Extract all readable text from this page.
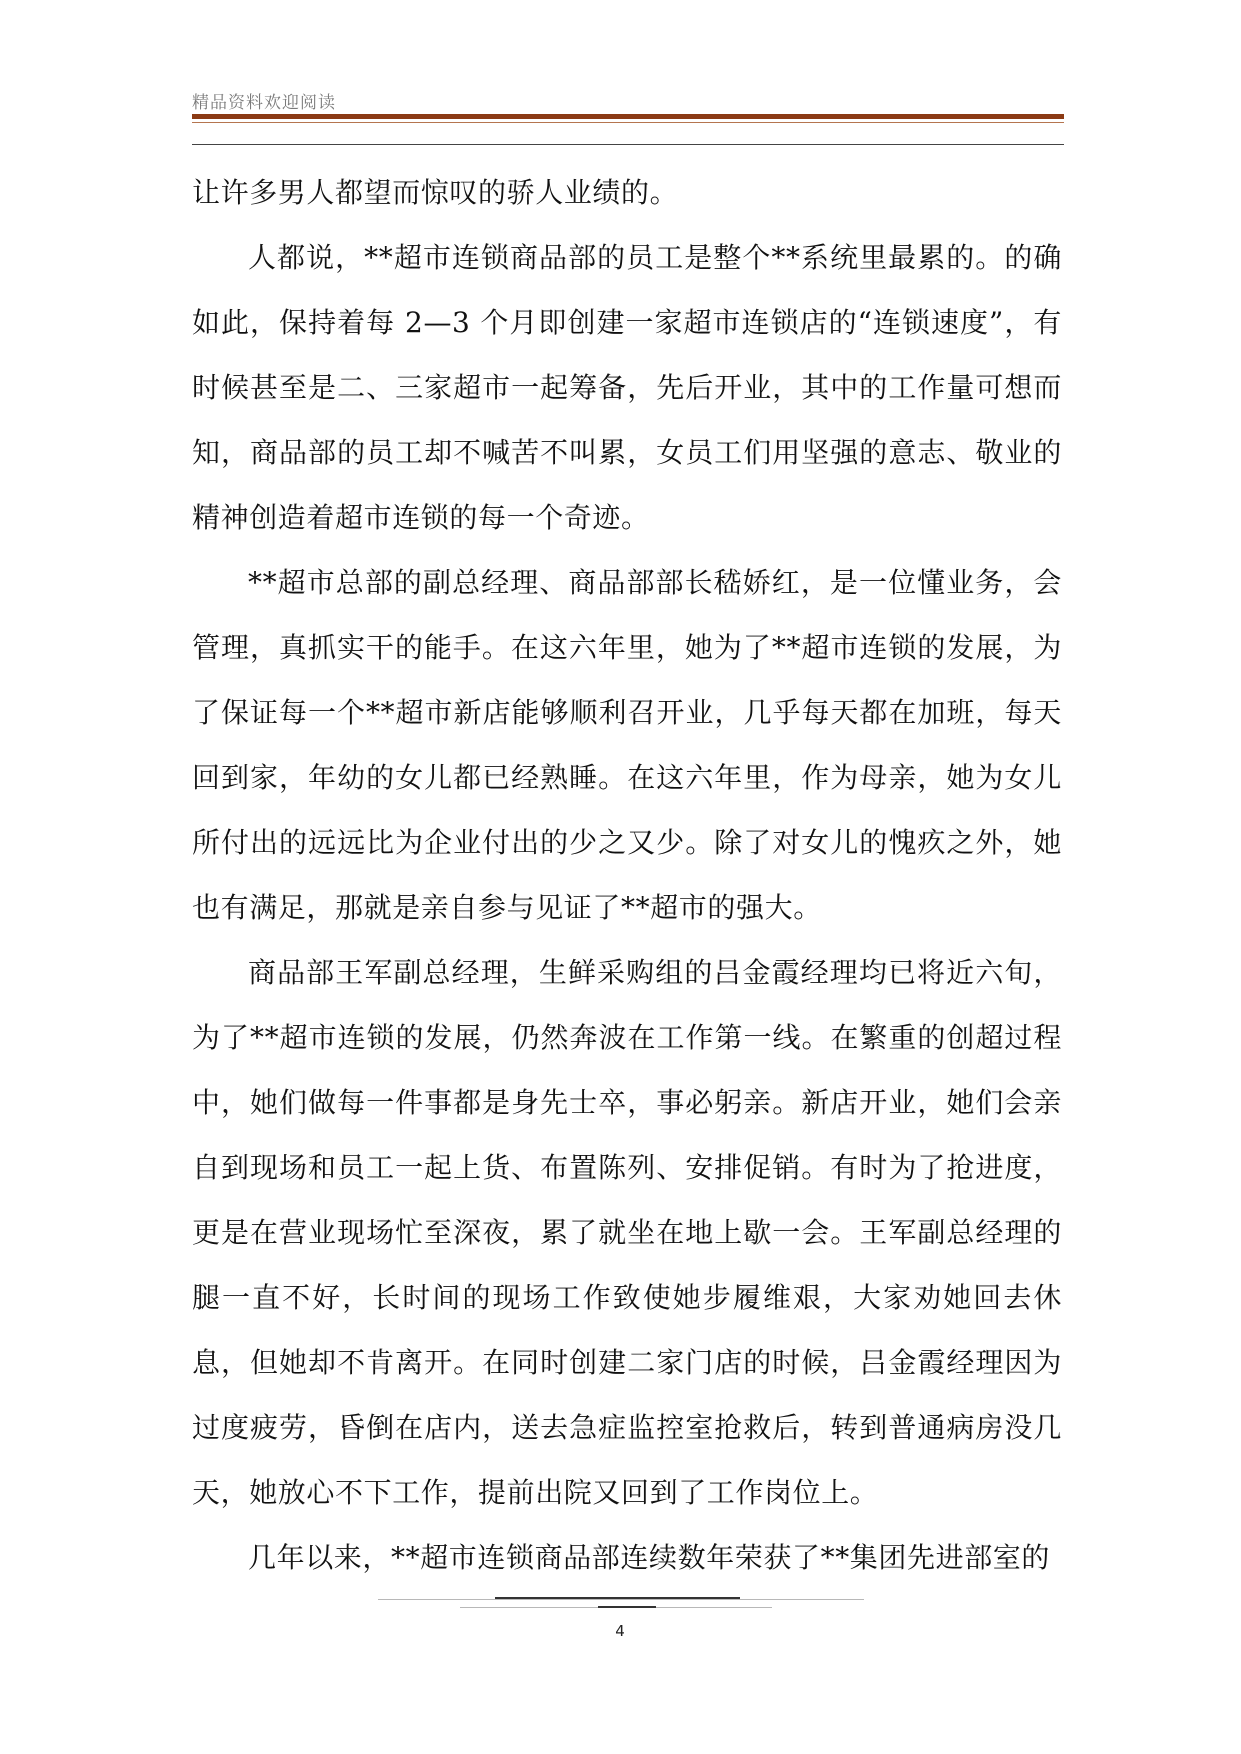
精品资料欢迎阅读

让许多男人都望而惊叹的骄人业绩的。

人都说，**超市连锁商品部的员工是整个**系统里最累的。的确如此，保持着每 2—3 个月即创建一家超市连锁店的“连锁速度”，有时候甚至是二、三家超市一起筹备，先后开业，其中的工作量可想而知，商品部的员工却不喊苦不叫累，女员工们用坚强的意志、敬业的精神创造着超市连锁的每一个奇迹。

**超市总部的副总经理、商品部部长嵇娇红，是一位懂业务，会管理，真抓实干的能手。在这六年里，她为了**超市连锁的发展，为了保证每一个**超市新店能够顺利召开业，几乎每天都在加班，每天回到家，年幼的女儿都已经熟睡。在这六年里，作为母亲，她为女儿所付出的远远比为企业付出的少之又少。除了对女儿的愧疚之外，她也有满足，那就是亲自参与见证了**超市的强大。

商品部王军副总经理，生鲜采购组的吕金霞经理均已将近六旬，为了**超市连锁的发展，仍然奔波在工作第一线。在繁重的创超过程中，她们做每一件事都是身先士卒，事必躬亲。新店开业，她们会亲自到现场和员工一起上货、布置陈列、安排促销。有时为了抢进度，更是在营业现场忙至深夜，累了就坐在地上歇一会。王军副总经理的腿一直不好，长时间的现场工作致使她步履维艰，大家劝她回去休息，但她却不肯离开。在同时创建二家门店的时候，吕金霞经理因为过度疲劳，昏倒在店内，送去急症监控室抢救后，转到普通病房没几天，她放心不下工作，提前出院又回到了工作岗位上。

几年以来，**超市连锁商品部连续数年荣获了**集团先进部室的

4
